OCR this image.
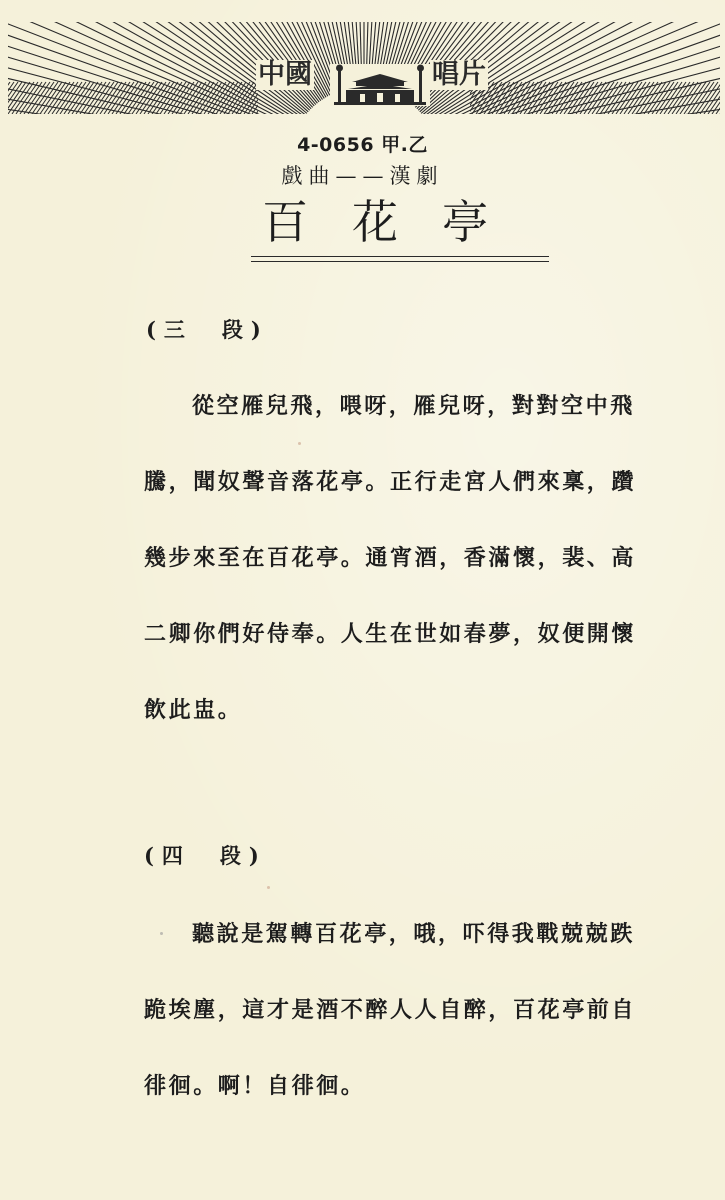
中國	唱片
4-0656 甲.乙
戲曲——漢劇
百花亭
(三　段)
從空雁兒飛，喂呀，雁兒呀，對對空中飛
騰，聞奴聲音落花亭。正行走宮人們來稟，躦
幾步來至在百花亭。通宵酒，香滿懷，裴、高
二卿你們好侍奉。人生在世如春夢，奴便開懷
飲此盅。
(四　段)
聽說是駕轉百花亭，哦，吓得我戰兢兢跌
跪埃塵，這才是酒不醉人人自醉，百花亭前自
徘徊。啊！自徘徊。
